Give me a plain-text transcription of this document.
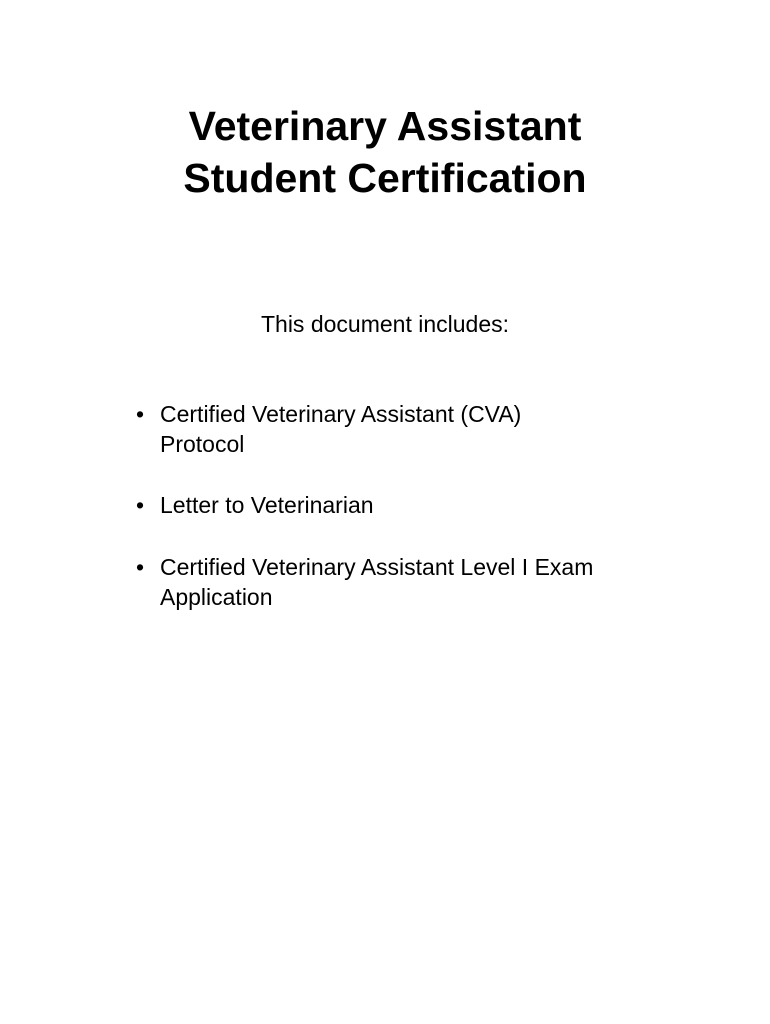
Veterinary Assistant
Student Certification

This document includes:

• Certified Veterinary Assistant (CVA)
Protocol
• Letter to Veterinarian
• Certified Veterinary Assistant Level I Exam
Application
